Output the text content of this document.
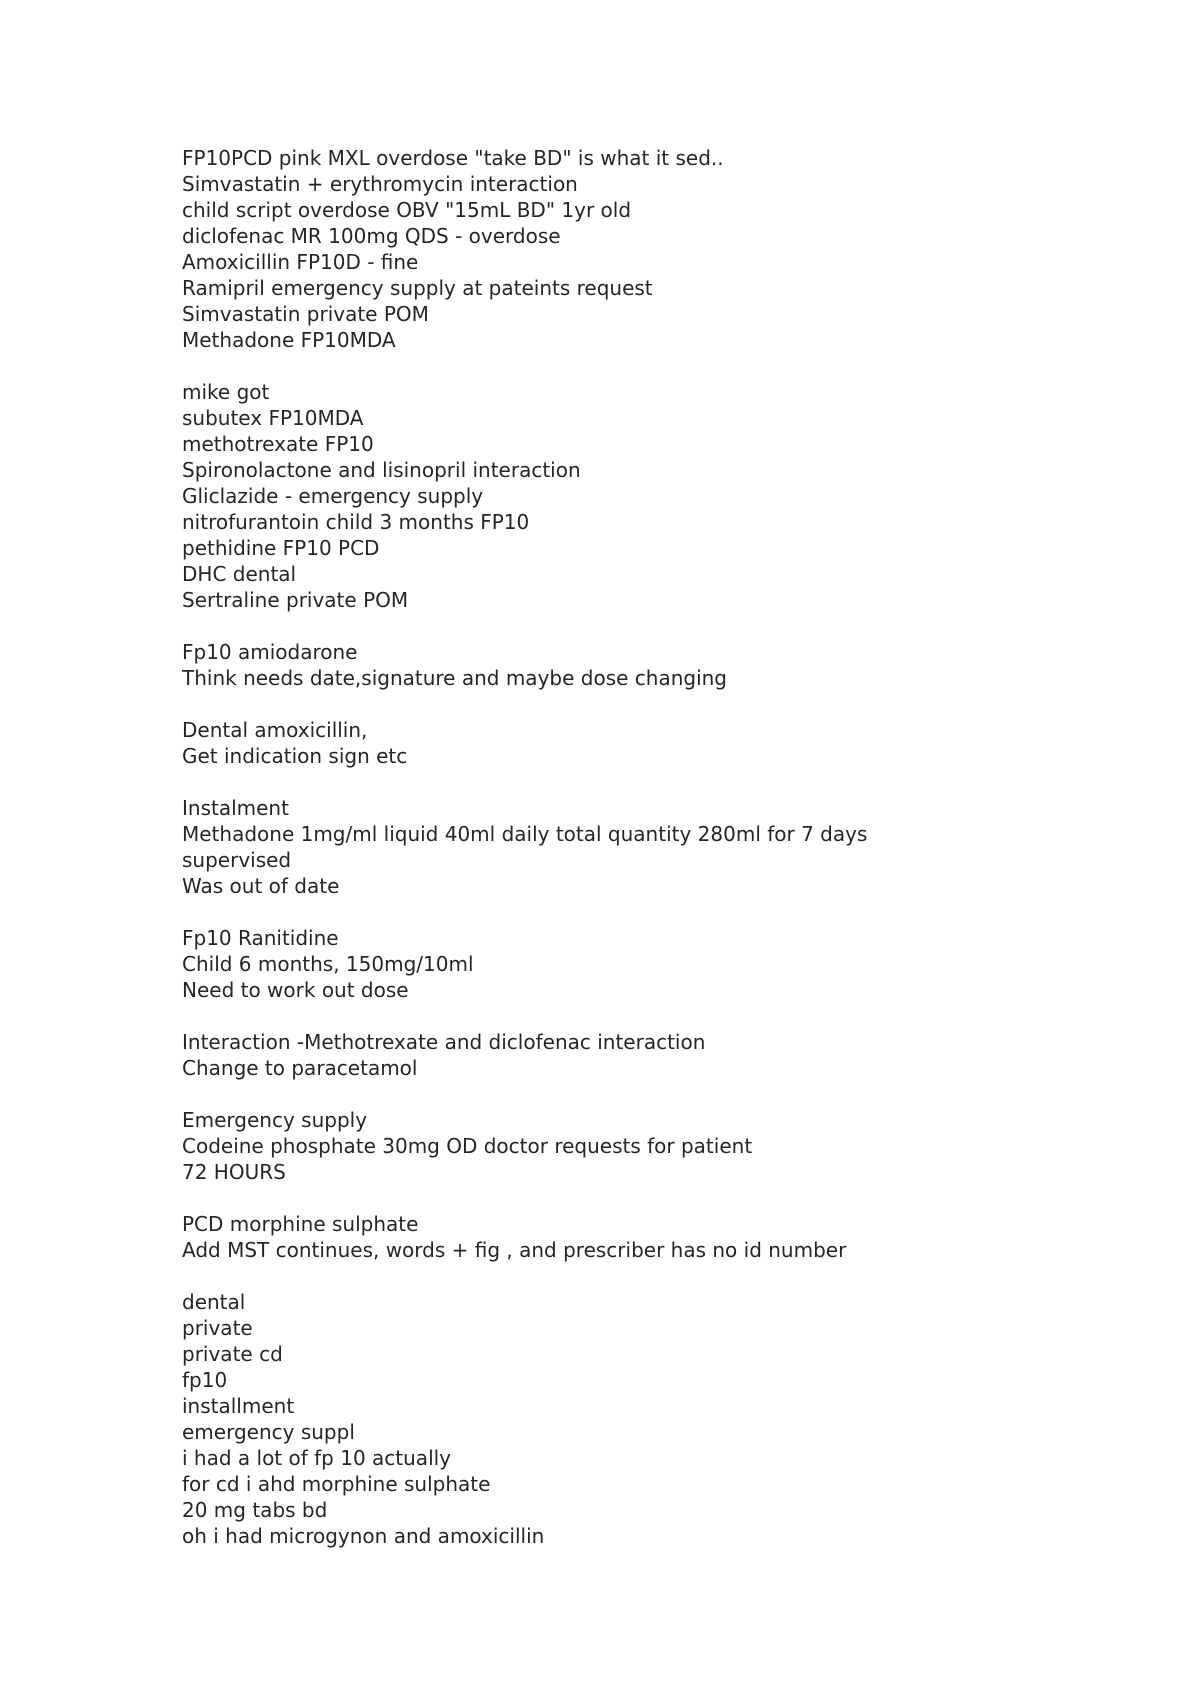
FP10PCD pink MXL overdose "take BD" is what it sed..
Simvastatin + erythromycin interaction
child script overdose OBV "15mL BD" 1yr old
diclofenac MR 100mg QDS - overdose
Amoxicillin FP10D - fine
Ramipril emergency supply at pateints request
Simvastatin private POM
Methadone FP10MDA
mike got
subutex FP10MDA
methotrexate FP10
Spironolactone and lisinopril interaction
Gliclazide - emergency supply
nitrofurantoin child 3 months FP10
pethidine FP10 PCD
DHC dental
Sertraline private POM
Fp10 amiodarone
Think needs date,signature and maybe dose changing
Dental amoxicillin,
Get indication sign etc
Instalment
Methadone 1mg/ml liquid 40ml daily total quantity 280ml for 7 days
supervised
Was out of date
Fp10 Ranitidine
Child 6 months, 150mg/10ml
Need to work out dose
Interaction -Methotrexate and diclofenac interaction
Change to paracetamol
Emergency supply
Codeine phosphate 30mg OD doctor requests for patient
72 HOURS
PCD morphine sulphate
Add MST continues, words + fig , and prescriber has no id number
dental
private
private cd
fp10
installment
emergency suppl
i had a lot of fp 10 actually
for cd i ahd morphine sulphate
20 mg tabs bd
oh i had microgynon and amoxicillin
